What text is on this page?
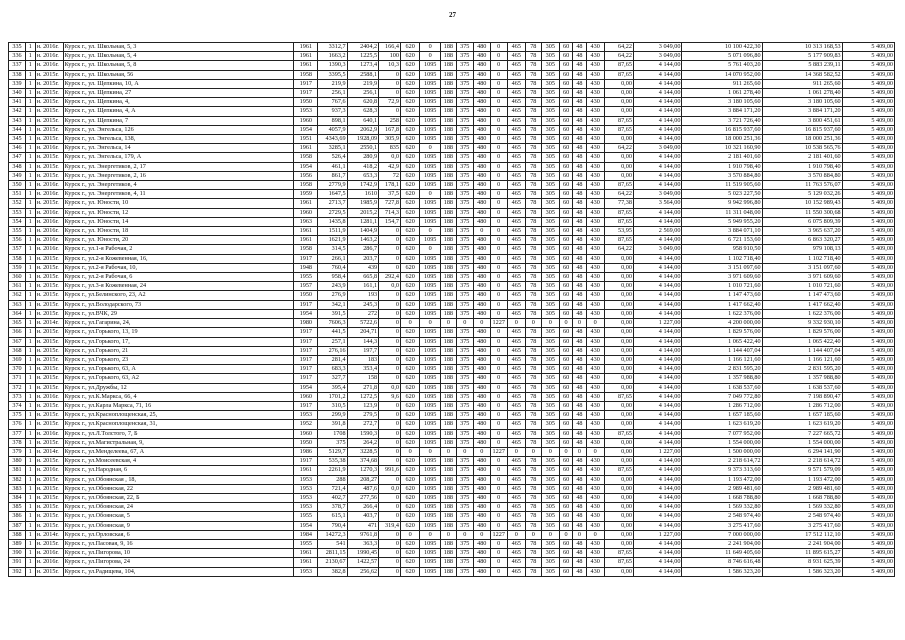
27
335	1	н. 2016г.	Курск г., ул. Школьная, 5, 3	1961	3312,7	2404,2	166,4	620	0	188	375	480	0	465	78	305	60	48	430	64,22	3 049,00	10 100 422,30	10 313 168,53	5 409,00
336	1	н. 2016г.	Курск г., ул. Школьная, 5, 4	1961	1663,2	1225,5	100	620	0	188	375	480	0	465	78	305	60	48	430	64,22	3 049,00	5 071 096,80	5 177 909,83	5 409,00
337	1	н. 2016г.	Курск г., ул. Школьная, 5, 8	1961	1390,3	1273,4	10,3	620	1095	188	375	480	0	465	78	305	60	48	430	87,65	4 144,00	5 761 403,20	5 883 239,11	5 409,00
338	1	н. 2015г.	Курск г., ул. Школьная, 56	1958	3395,5	2588,1	0	620	1095	188	375	480	0	465	78	305	60	48	430	87,65	4 144,00	14 070 952,00	14 368 582,52	5 409,00
339	1	н. 2015г.	Курск г., ул. Щепкина, 10, А	1917	219,9	219,9	0	620	1095	188	375	480	0	465	78	305	60	48	430	0,00	4 144,00	911 265,60	911 265,60	5 409,00
340	1	н. 2015г.	Курск г., ул. Щепкина, 27	1917	256,1	256,1	0	620	1095	188	375	480	0	465	78	305	60	48	430	0,00	4 144,00	1 061 278,40	1 061 278,40	5 409,00
341	1	н. 2015г.	Курск г., ул. Щепкина, 4,	1950	767,6	620,8	72,9	620	1095	188	375	480	0	465	78	305	60	48	430	0,00	4 144,00	3 180 105,60	3 180 105,60	5 409,00
342	1	н. 2015г.	Курск г., ул. Щепкина, 4, А	1953	937,3	628,3	0	620	1095	188	375	480	0	465	78	305	60	48	430	0,00	4 144,00	3 884 171,20	3 884 171,20	5 409,00
343	1	н. 2015г.	Курск г., ул. Щепкина, 7	1960	898,1	640,1	258	620	1095	188	375	480	0	465	78	305	60	48	430	87,65	4 144,00	3 721 726,40	3 800 451,61	5 409,00
344	1	н. 2015г.	Курск г., ул. Энгельса, 126	1954	4057,9	2062,9	167,8	620	1095	188	375	480	0	465	78	305	60	48	430	87,65	4 144,00	16 815 937,60	16 815 937,60	5 409,00
345	1	н. 2015г.	Курск г., ул. Энгельса, 138,	1951	4343,69	1928,09	305,9	620	1095	188	375	480	0	465	78	305	60	48	430	0,00	4 144,00	18 000 251,36	18 000 251,36	5 409,00
346	1	н. 2016г.	Курск г., ул. Энгельса, 14	1961	3285,1	2550,1	835	620	0	188	375	480	0	465	78	305	60	48	430	64,22	3 049,00	10 321 160,90	10 538 565,76	5 409,00
347	1	н. 2015г.	Курск г., ул. Энгельса, 179, А	1958	526,4	280,9	0,0	620	1095	188	375	480	0	465	78	305	60	48	430	0,00	4 144,00	2 181 401,60	2 181 401,60	5 409,00
348	1	н. 2015г.	Курск г., ул. Энергетиков, 2, 17	1954	461,1	418,2	42,9	620	1095	188	375	480	0	465	78	305	60	48	430	0,00	4 144,00	1 910 798,40	1 910 798,40	5 409,00
349	1	н. 2015г.	Курск г., ул. Энергетиков, 2, 16	1956	861,7	653,3	72	620	1095	188	375	480	0	465	78	305	60	48	430	0,00	4 144,00	3 570 884,80	3 570 884,80	5 409,00
350	1	н. 2016г.	Курск г., ул. Энергетиков, 4	1958	2779,9	1742,9	178,1	620	1095	188	375	480	0	465	78	305	60	48	430	87,65	4 144,00	11 519 905,60	11 763 576,07	5 409,00
351	1	н. 2016г.	Курск г., ул. Энергетиков, 4, 11	1959	1647,5	1610	37,5	620	0	188	375	480	0	465	78	305	60	48	430	64,22	3 049,00	5 023 227,50	5 129 032,26	5 409,00
352	1	н. 2015г.	Курск г., ул. Юности, 10	1961	2713,7	1985,9	727,8	620	1095	188	375	480	0	465	78	305	60	48	430	77,38	3 564,00	9 942 996,80	10 152 989,43	5 409,00
353	1	н. 2016г.	Курск г., ул. Юности, 12	1960	2729,5	2015,2	714,3	620	1095	188	375	480	0	465	78	305	60	48	430	87,65	4 144,00	11 311 048,00	11 550 300,68	5 409,00
354	1	н. 2016г.	Курск г., ул. Юности, 14	1963	1435,8	1281,1	154,7	620	1095	188	375	480	0	465	78	305	60	48	430	87,65	4 144,00	5 949 955,20	6 075 809,39	5 409,00
355	1	н. 2016г.	Курск г., ул. Юности, 18	1961	1511,9	1404,9	0	620	0	188	375	0	0	465	78	305	60	48	430	53,95	2 569,00	3 884 071,10	3 965 637,20	5 409,00
356	1	н. 2016г.	Курск г., ул. Юности, 20	1961	1621,9	1463,2	0	620	1095	188	375	480	0	465	78	305	60	48	430	87,65	4 144,00	6 721 153,60	6 863 320,27	5 409,00
357	1	н. 2016г.	Курск г., ул.1-я Рабочая, 2	1958	314,5	286,7	0	620	0	188	375	480	0	465	78	305	60	48	430	64,22	3 049,00	958 910,50	979 108,13	5 409,00
358	1	н. 2015г.	Курск г., ул.2-я Кожевенная, 16,	1917	266,1	203,7	0	620	1095	188	375	480	0	465	78	305	60	48	430	0,00	4 144,00	1 102 718,40	1 102 718,40	5 409,00
359	1	н. 2015г.	Курск г., ул.2-я Рабочая, 10,	1948	760,4	439	0	620	1095	188	375	480	0	465	78	305	60	48	430	0,00	4 144,00	3 151 097,60	3 151 097,60	5 409,00
360	1	н. 2015г.	Курск г., ул.2-я Рабочая, 6	1955	958,4	665,8	292,4	620	1095	188	375	480	0	465	78	305	60	48	430	0,00	4 144,00	3 971 609,60	3 971 609,60	5 409,00
361	1	н. 2015г.	Курск г., ул.3-я Кожевенная, 24	1957	243,9	161,1	0,0	620	1095	188	375	480	0	465	78	305	60	48	430	0,00	4 144,00	1 010 721,60	1 010 721,60	5 409,00
362	1	н. 2015г.	Курск г., ул.Белинского, 23, А2	1950	276,9	193	0	620	1095	188	375	480	0	465	78	305	60	48	430	0,00	4 144,00	1 147 473,60	1 147 473,60	5 409,00
363	1	н. 2015г.	Курск г., ул.Володарского, 73	1917	342,1	245,3	0	620	1095	188	375	480	0	465	78	305	60	48	430	0,00	4 144,00	1 417 662,40	1 417 662,40	5 409,00
364	1	н. 2015г.	Курск г., ул.ВЧК, 29	1954	391,5	272	0	620	1095	188	375	480	0	465	78	305	60	48	430	0,00	4 144,00	1 622 376,00	1 622 376,00	5 409,00
365	1	н. 2014г.	Курск г., ул.Гагарина, 24,	1980	7606,3	5722,6	0	0	0	0	0	0	1227	0	0	0	0	0	0	0,00	1 227,00	4 200 000,00	9 332 930,10	5 409,00
366	1	н. 2015г.	Курск г., ул.Горького, 13, 19	1917	441,5	204,71	0	620	1095	188	375	480	0	465	78	305	60	48	430	0,00	4 144,00	1 829 576,00	1 829 576,00	5 409,00
367	1	н. 2015г.	Курск г., ул.Горького, 17,	1917	257,1	144,3	0	620	1095	188	375	480	0	465	78	305	60	48	430	0,00	4 144,00	1 065 422,40	1 065 422,40	5 409,00
368	1	н. 2015г.	Курск г., ул.Горького, 21	1917	276,16	197,7	0	620	1095	188	375	480	0	465	78	305	60	48	430	0,00	4 144,00	1 144 407,04	1 144 407,04	5 409,00
369	1	н. 2015г.	Курск г., ул.Горького, 23	1917	281,4	183	0	620	1095	188	375	480	0	465	78	305	60	48	430	0,00	4 144,00	1 166 121,60	1 166 121,60	5 409,00
370	1	н. 2015г.	Курск г., ул.Горького, 63, А	1917	683,3	353,4	0	620	1095	188	375	480	0	465	78	305	60	48	430	0,00	4 144,00	2 831 595,20	2 831 595,20	5 409,00
371	1	н. 2015г.	Курск г., ул.Горького, 63, А2	1917	327,7	158	0	620	1095	188	375	480	0	465	78	305	60	48	430	0,00	4 144,00	1 357 988,80	1 357 988,80	5 409,00
372	1	н. 2015г.	Курск г., ул.Дружбы, 12	1954	395,4	271,8	0,0	620	1095	188	375	480	0	465	78	305	60	48	430	0,00	4 144,00	1 638 537,60	1 638 537,60	5 409,00
373	1	н. 2016г.	Курск г., ул.К.Маркса, 66, 4	1960	1701,2	1272,5	9,6	620	1095	188	375	480	0	465	78	305	60	48	430	87,65	4 144,00	7 049 772,80	7 198 890,47	5 409,00
374	1	н. 2015г.	Курск г., ул.Карла Маркса, 71, 16	1917	310,5	123,9	0	620	1095	188	375	480	0	465	78	305	60	48	430	0,00	4 144,00	1 286 712,00	1 286 712,00	5 409,00
375	1	н. 2015г.	Курск г., ул.Красноплощенская, 25,	1953	299,9	279,5	0	620	1095	188	375	480	0	465	78	305	60	48	430	0,00	4 144,00	1 657 185,60	1 657 185,60	5 409,00
376	1	н. 2015г.	Курск г., ул.Красноплощенская, 31,	1952	391,8	272,7	0	620	1095	188	375	480	0	465	78	305	60	48	430	0,00	4 144,00	1 623 619,20	1 623 619,20	5 409,00
377	1	н. 2016г.	Курск г., ул.Л.Толстого, 7, Б	1960	1708	1590,3	0	620	1095	188	375	480	0	465	78	305	60	48	430	87,65	4 144,00	7 077 952,00	7 227 665,72	5 409,00
378	1	н. 2015г.	Курск г., ул.Магистральная, 9,	1950	375	264,2	0	620	1095	188	375	480	0	465	78	305	60	48	430	0,00	4 144,00	1 554 000,00	1 554 000,00	5 409,00
379	1	н. 2014г.	Курск г., ул.Менделеева, 67, А	1986	5129,7	3228,5	0	0	0	0	0	0	1227	0	0	0	0	0	0	0,00	1 227,00	1 500 000,00	6 294 141,90	5 409,00
380	1	н. 2015г.	Курск г., ул.Моисеевская, 4	1917	535,38	374,68	0	620	1095	188	375	480	0	465	78	305	60	48	430	0,00	4 144,00	2 218 614,72	2 218 614,72	5 409,00
381	1	н. 2016г.	Курск г., ул.Народная, 6	1961	2261,9	1270,3	991,6	620	1095	188	375	480	0	465	78	305	60	48	430	87,65	4 144,00	9 373 313,60	9 571 579,09	5 409,00
382	1	н. 2015г.	Курск г., ул.Обоянская , 18,	1953	288	208,27	0	620	1095	188	375	480	0	465	78	305	60	48	430	0,00	4 144,00	1 193 472,00	1 193 472,00	5 409,00
383	1	н. 2015г.	Курск г., ул.Обоянская, 22	1953	721,4	487,6	0,0	620	1095	188	375	480	0	465	78	305	60	48	430	0,00	4 144,00	2 989 481,60	2 989 481,60	5 409,00
384	1	н. 2015г.	Курск г., ул.Обоянская, 22, Б	1953	402,7	277,56	0	620	1095	188	375	480	0	465	78	305	60	48	430	0,00	4 144,00	1 668 788,80	1 668 788,80	5 409,00
385	1	н. 2015г.	Курск г., ул.Обоянская, 24	1953	378,7	266,4	0	620	1095	188	375	480	0	465	78	305	60	48	430	0,00	4 144,00	1 569 332,80	1 569 332,80	5 409,00
386	1	н. 2015г.	Курск г., ул.Обоянская, 5	1955	615,1	403,7	0	620	1095	188	375	480	0	465	78	305	60	48	430	0,00	4 144,00	2 548 974,40	2 548 974,40	5 409,00
387	1	н. 2015г.	Курск г., ул.Обоянская, 9	1954	790,4	471	319,4	620	1095	188	375	480	0	465	78	305	60	48	430	0,00	4 144,00	3 275 417,60	3 275 417,60	5 409,00
388	1	н. 2014г.	Курск г., ул.Орловская, 6	1984	14272,3	9761,8	0	0	0	0	0	0	1227	0	0	0	0	0	0	0,00	1 227,00	7 000 000,00	17 512 112,10	5 409,00
389	1	н. 2015г.	Курск г., ул.Пасовая, 9, 16	1955	541	363,3	0	620	1095	188	375	480	0	465	78	305	60	48	430	0,00	4 144,00	2 241 904,00	2 241 904,00	5 409,00
390	1	н. 2016г.	Курск г., ул.Пигорова, 10	1961	2811,15	1990,45	0	620	1095	188	375	480	0	465	78	305	60	48	430	87,65	4 144,00	11 649 405,60	11 895 615,27	5 409,00
391	1	н. 2016г.	Курск г., ул.Пигорова, 24	1961	2130,67	1422,57	0	620	1095	188	375	480	0	465	78	305	60	48	430	87,65	4 144,00	8 746 616,48	8 931 625,39	5 409,00
392	1	н. 2015г.	Курск г., ул.Радищева, 104,	1953	382,8	256,62	0	620	1095	188	375	480	0	465	78	305	60	48	430	0,00	4 144,00	1 586 323,20	1 586 323,20	5 409,00
